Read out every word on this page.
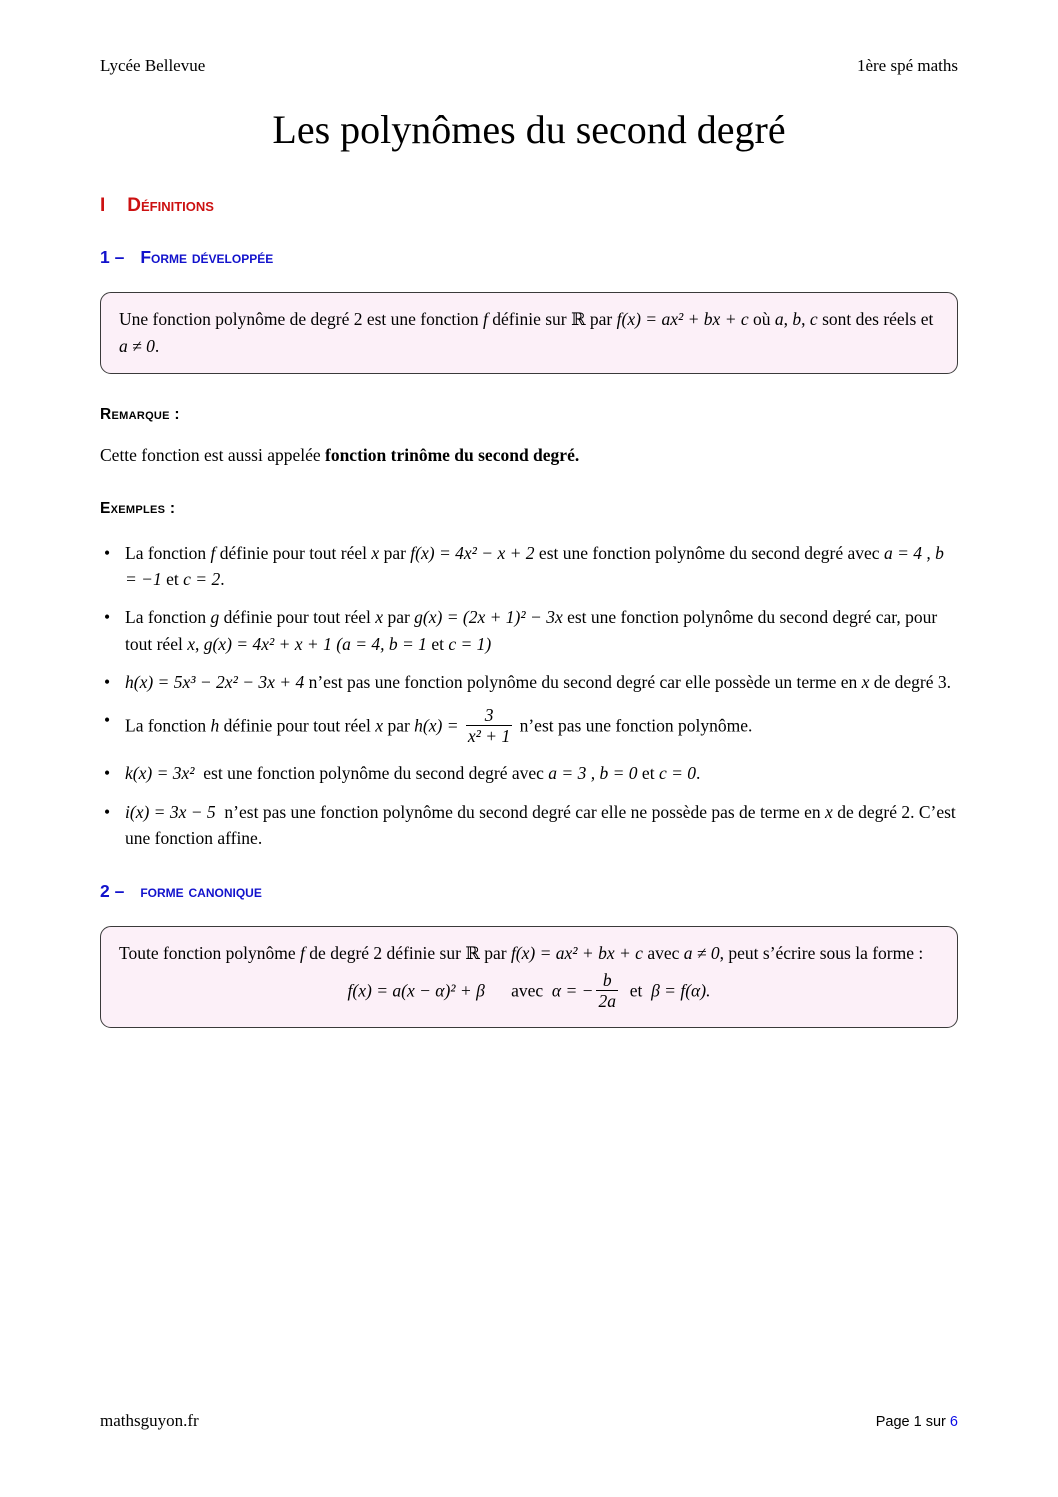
Lycée Bellevue	1ère spé maths
Les polynômes du second degré
I Définitions
1 – Forme développée
Une fonction polynôme de degré 2 est une fonction f définie sur ℝ par f(x) = ax² + bx + c où a, b, c sont des réels et a ≠ 0.
Remarque :
Cette fonction est aussi appelée fonction trinôme du second degré.
Exemples :
• La fonction f définie pour tout réel x par f(x) = 4x² − x + 2 est une fonction polynôme du second degré avec a = 4 , b = −1 et c = 2.
• La fonction g définie pour tout réel x par g(x) = (2x + 1)² − 3x est une fonction polynôme du second degré car, pour tout réel x, g(x) = 4x² + x + 1 (a = 4, b = 1 et c = 1)
• h(x) = 5x³ − 2x² − 3x + 4 n’est pas une fonction polynôme du second degré car elle possède un terme en x de degré 3.
• La fonction h définie pour tout réel x par $h(x) = \frac{3}{\text{x² + 1}}$ n’est pas une fonction polynôme.
• k(x) = 3x²  est une fonction polynôme du second degré avec a = 3 , b = 0 et c = 0.
• i(x) = 3x − 5  n’est pas une fonction polynôme du second degré car elle ne possède pas de terme en x de degré 2. C’est une fonction affine.
2 – forme canonique
Toute fonction polynôme f de degré 2 définie sur ℝ par f(x) = ax² + bx + c avec a ≠ 0, peut s’écrire sous la forme :
f(x) = a(x − α)² + β      avec  α = − $\frac{b}{2a}$ et  β = f(α).
mathsguyon.fr	Page 1 sur 6
